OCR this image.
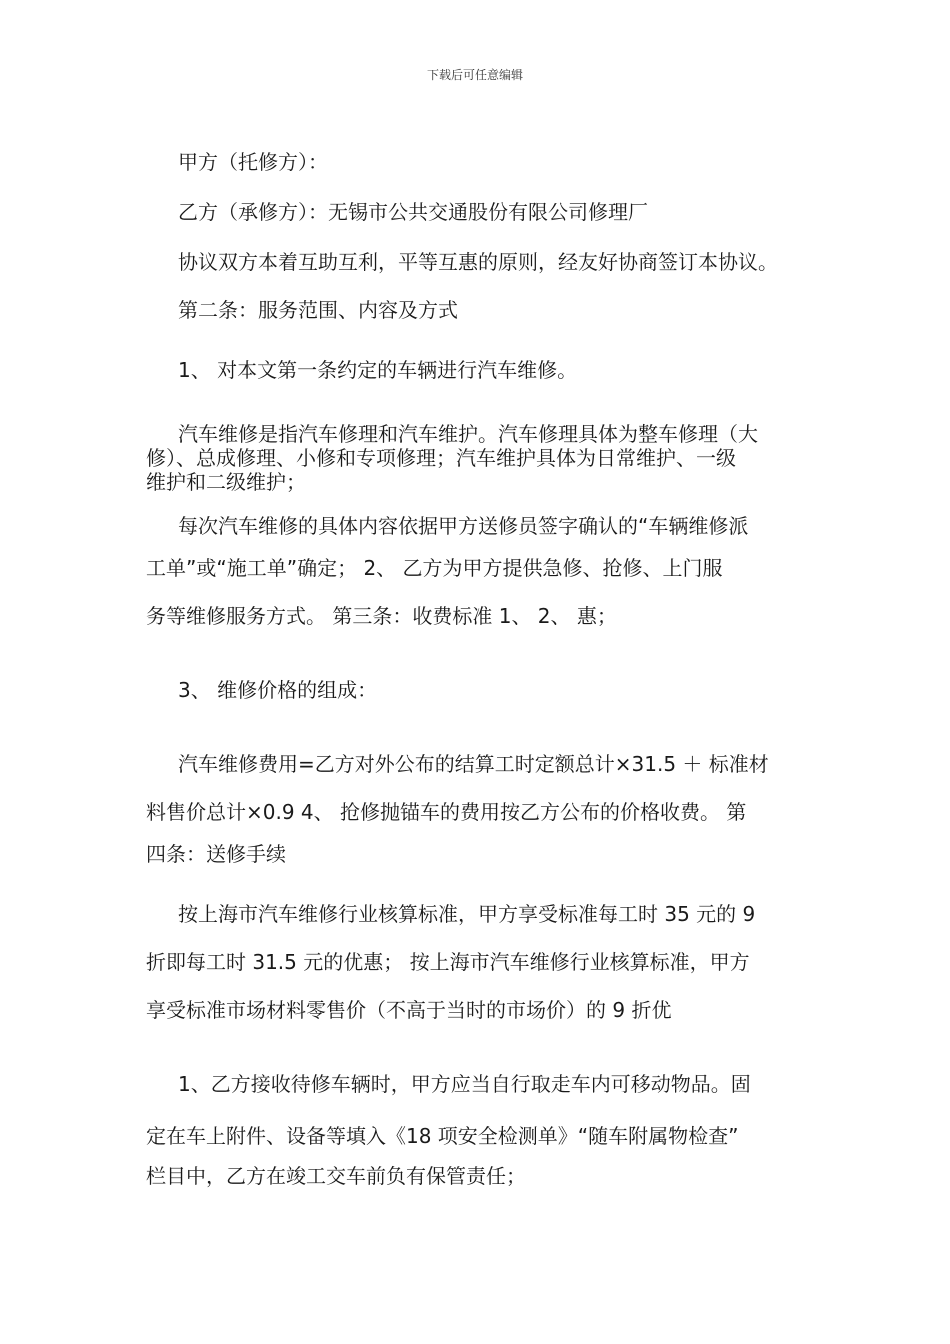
下载后可任意编辑
甲方（托修方）：
乙方（承修方）：无锡市公共交通股份有限公司修理厂
协议双方本着互助互利，平等互惠的原则，经友好协商签订本协议。
第二条：服务范围、内容及方式
1、 对本文第一条约定的车辆进行汽车维修。
汽车维修是指汽车修理和汽车维护。汽车修理具体为整车修理（大
修）、总成修理、小修和专项修理；汽车维护具体为日常维护、一级
维护和二级维护；
每次汽车维修的具体内容依据甲方送修员签字确认的“车辆维修派
工单”或“施工单”确定； 2、 乙方为甲方提供急修、抢修、上门服
务等维修服务方式。 第三条：收费标准 1、 2、 惠；
3、 维修价格的组成：
汽车维修费用=乙方对外公布的结算工时定额总计×31.5 ＋ 标准材
料售价总计×0.9 4、 抢修抛锚车的费用按乙方公布的价格收费。 第
四条：送修手续
按上海市汽车维修行业核算标准，甲方享受标准每工时 35 元的 9
折即每工时 31.5 元的优惠； 按上海市汽车维修行业核算标准，甲方
享受标准市场材料零售价（不高于当时的市场价）的 9 折优
1、乙方接收待修车辆时，甲方应当自行取走车内可移动物品。固
定在车上附件、设备等填入《18 项安全检测单》“随车附属物检查”
栏目中，乙方在竣工交车前负有保管责任；
